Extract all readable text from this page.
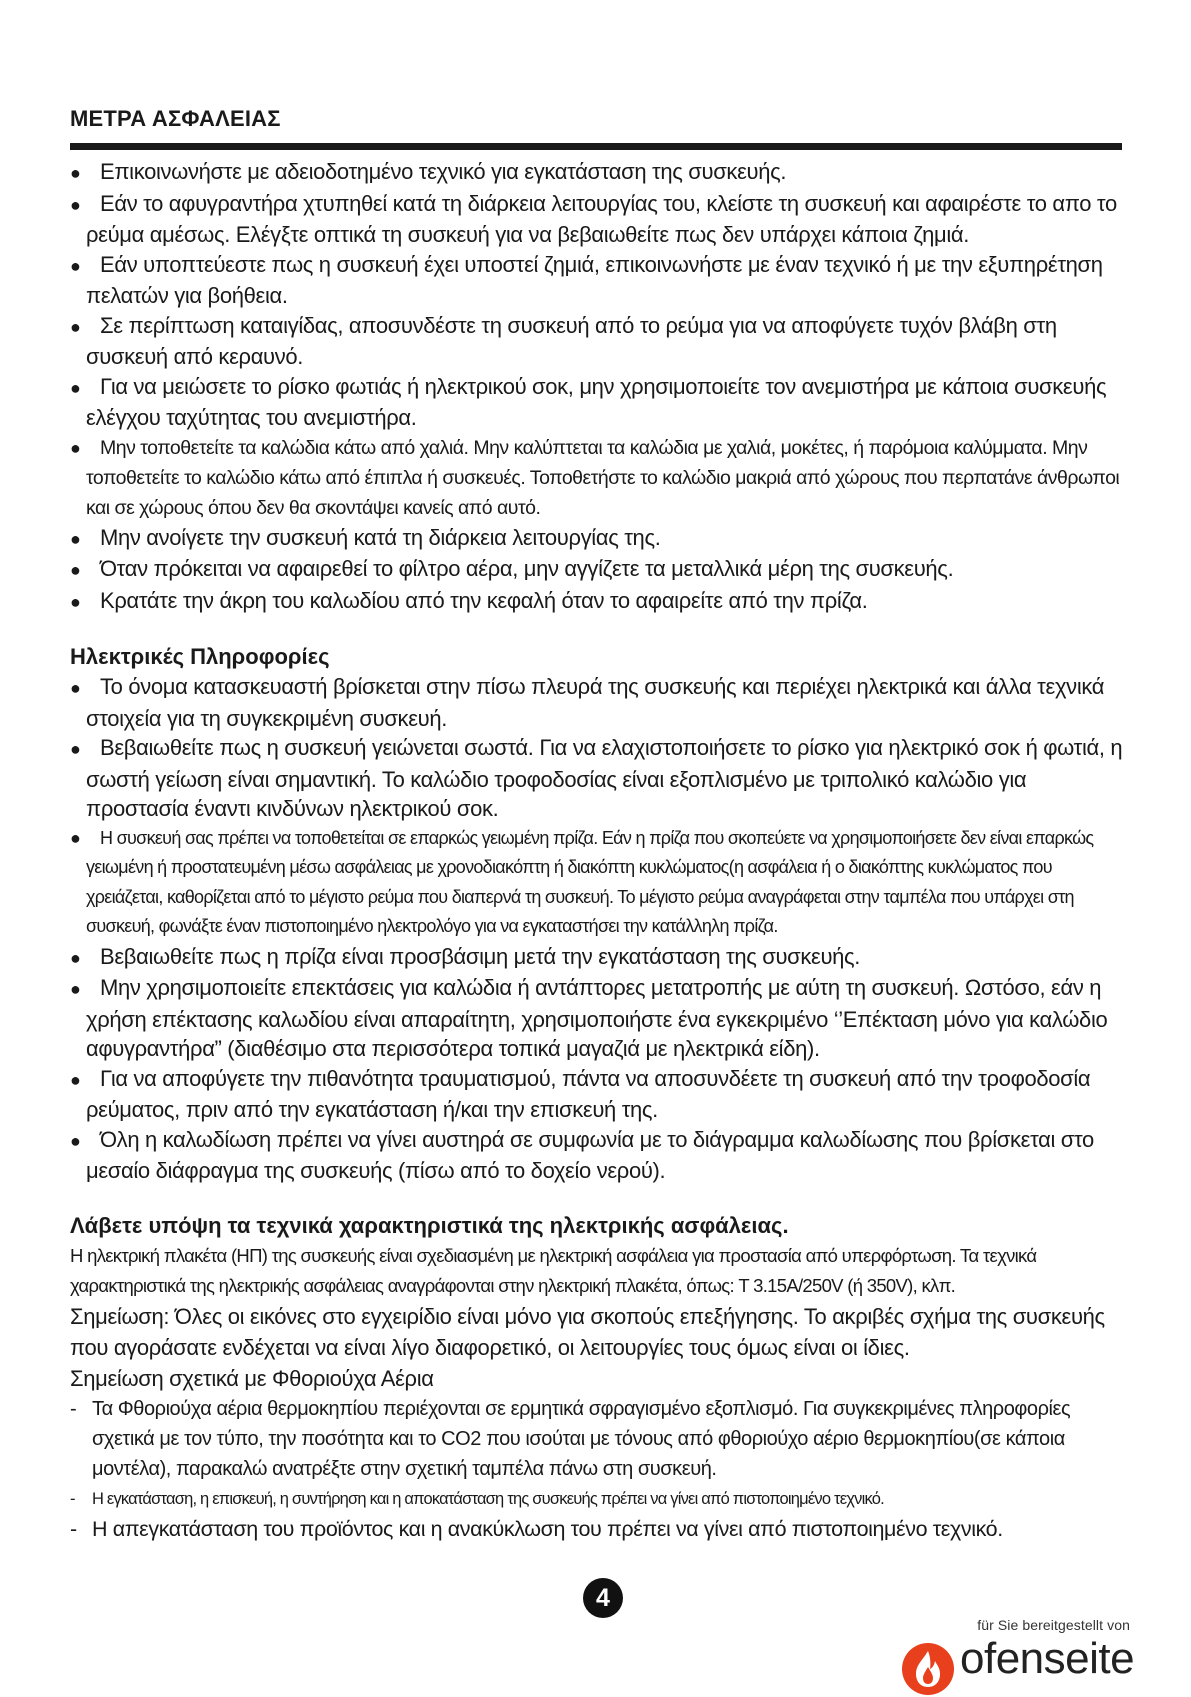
ΜΕΤΡΑ ΑΣΦΑΛΕΙΑΣ
● Επικοινωνήστε με αδειοδοτημένο τεχνικό για εγκατάσταση της συσκευής.
● Εάν το αφυγραντήρα χτυπηθεί κατά τη διάρκεια λειτουργίας του, κλείστε τη συσκευή και αφαιρέστε το απο το ρεύμα αμέσως. Ελέγξτε οπτικά τη συσκευή για να βεβαιωθείτε πως δεν υπάρχει κάποια ζημιά.
● Εάν υποπτεύεστε πως η συσκευή έχει υποστεί ζημιά, επικοινωνήστε με έναν τεχνικό ή με την εξυπηρέτηση πελατών για βοήθεια.
● Σε περίπτωση καταιγίδας, αποσυνδέστε τη συσκευή από το ρεύμα για να αποφύγετε τυχόν βλάβη στη συσκευή από κεραυνό.
● Για να μειώσετε το ρίσκο φωτιάς ή ηλεκτρικού σοκ, μην χρησιμοποιείτε τον ανεμιστήρα με κάποια συσκευής ελέγχου ταχύτητας του ανεμιστήρα.
● Μην τοποθετείτε τα καλώδια κάτω από χαλιά. Μην καλύπτεται τα καλώδια με χαλιά, μοκέτες, ή παρόμοια καλύμματα. Μην τοποθετείτε το καλώδιο κάτω από έπιπλα ή συσκευές. Τοποθετήστε το καλώδιο μακριά από χώρους που περπατάνε άνθρωποι και σε χώρους όπου δεν θα σκοντάψει κανείς από αυτό.
● Μην ανοίγετε την συσκευή κατά τη διάρκεια λειτουργίας της.
● Όταν πρόκειται να αφαιρεθεί το φίλτρο αέρα, μην αγγίζετε τα μεταλλικά μέρη της συσκευής.
● Κρατάτε την άκρη του καλωδίου από την κεφαλή όταν το αφαιρείτε από την πρίζα.
Ηλεκτρικές Πληροφορίες
● Το όνομα κατασκευαστή βρίσκεται στην πίσω πλευρά της συσκευής και περιέχει ηλεκτρικά και άλλα τεχνικά στοιχεία για τη συγκεκριμένη συσκευή.
● Βεβαιωθείτε πως η συσκευή γειώνεται σωστά. Για να ελαχιστοποιήσετε το ρίσκο για ηλεκτρικό σοκ ή φωτιά, η σωστή γείωση είναι σημαντική. Το καλώδιο τροφοδοσίας είναι εξοπλισμένο με τριπολικό καλώδιο για προστασία έναντι κινδύνων ηλεκτρικού σοκ.
● Η συσκευή σας πρέπει να τοποθετείται σε επαρκώς γειωμένη πρίζα. Εάν η πρίζα που σκοπεύετε να χρησιμοποιήσετε δεν είναι επαρκώς γειωμένη ή προστατευμένη μέσω ασφάλειας με χρονοδιακόπτη ή διακόπτη κυκλώματος(η ασφάλεια ή ο διακόπτης κυκλώματος που χρειάζεται, καθορίζεται από το μέγιστο ρεύμα που διαπερνά τη συσκευή. Το μέγιστο ρεύμα αναγράφεται στην ταμπέλα που υπάρχει στη συσκευή, φωνάξτε έναν πιστοποιημένο ηλεκτρολόγο για να εγκαταστήσει την κατάλληλη πρίζα.
● Βεβαιωθείτε πως η πρίζα είναι προσβάσιμη μετά την εγκατάσταση της συσκευής.
● Μην χρησιμοποιείτε επεκτάσεις για καλώδια ή αντάπτορες μετατροπής με αύτη τη συσκευή. Ωστόσο, εάν η χρήση επέκτασης καλωδίου είναι απαραίτητη, χρησιμοποιήστε ένα εγκεκριμένο ‘’Επέκταση μόνο για καλώδιο αφυγραντήρα” (διαθέσιμο στα περισσότερα τοπικά μαγαζιά με ηλεκτρικά είδη).
● Για να αποφύγετε την πιθανότητα τραυματισμού, πάντα να αποσυνδέετε τη συσκευή από την τροφοδοσία ρεύματος, πριν από την εγκατάσταση ή/και την επισκευή της.
● Όλη η καλωδίωση πρέπει να γίνει αυστηρά σε συμφωνία με το διάγραμμα καλωδίωσης που βρίσκεται στο μεσαίο διάφραγμα της συσκευής (πίσω από το δοχείο νερού).
Λάβετε υπόψη τα τεχνικά χαρακτηριστικά της ηλεκτρικής ασφάλειας.
Η ηλεκτρική πλακέτα (ΗΠ) της συσκευής είναι σχεδιασμένη με ηλεκτρική ασφάλεια για προστασία από υπερφόρτωση. Τα τεχνικά χαρακτηριστικά της ηλεκτρικής ασφάλειας αναγράφονται στην ηλεκτρική πλακέτα, όπως: T 3.15A/250V (ή 350V), κλπ.
Σημείωση: Όλες οι εικόνες στο εγχειρίδιο είναι μόνο για σκοπούς επεξήγησης. Το ακριβές σχήμα της συσκευής που αγοράσατε ενδέχεται να είναι λίγο διαφορετικό, οι λειτουργίες τους όμως είναι οι ίδιες.
Σημείωση σχετικά με Φθοριούχα Αέρια
- Τα Φθοριούχα αέρια θερμοκηπίου περιέχονται σε ερμητικά σφραγισμένο εξοπλισμό. Για συγκεκριμένες πληροφορίες σχετικά με τον τύπο, την ποσότητα και το CO2 που ισούται με τόνους από φθοριούχο αέριο θερμοκηπίου(σε κάποια μοντέλα), παρακαλώ ανατρέξτε στην σχετική ταμπέλα πάνω στη συσκευή.
- Η εγκατάσταση, η επισκευή, η συντήρηση και η αποκατάσταση της συσκευής πρέπει να γίνει από πιστοποιημένο τεχνικό.
- Η απεγκατάσταση του προϊόντος και η ανακύκλωση του πρέπει να γίνει από πιστοποιημένο τεχνικό.
4
für Sie bereitgestellt von
ofenseite
